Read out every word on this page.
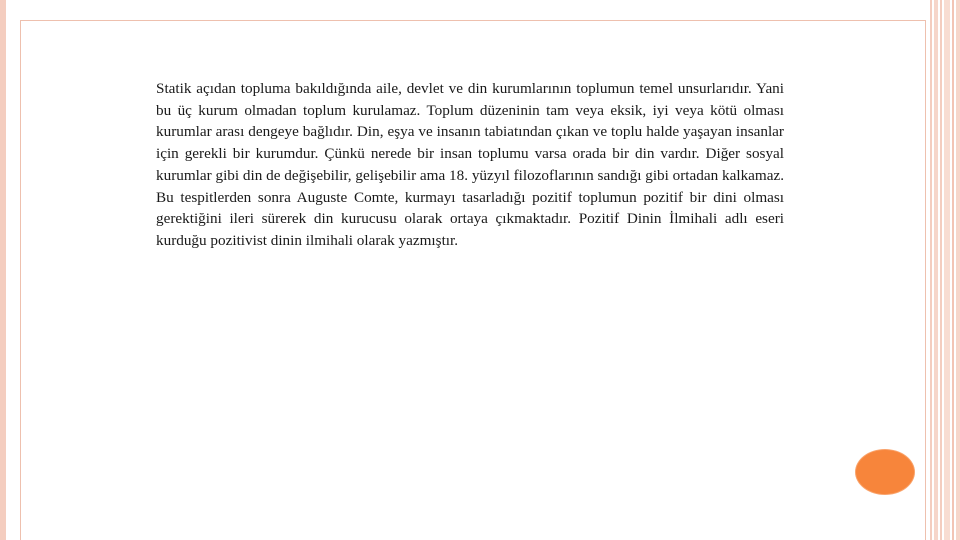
Statik açıdan topluma bakıldığında aile, devlet ve din kurumlarının toplumun temel unsurlarıdır. Yani bu üç kurum olmadan toplum kurulamaz. Toplum düzeninin tam veya eksik, iyi veya kötü olması kurumlar arası dengeye bağlıdır. Din, eşya ve insanın tabiatından çıkan ve toplu halde yaşayan insanlar için gerekli bir kurumdur. Çünkü nerede bir insan toplumu varsa orada bir din vardır. Diğer sosyal kurumlar gibi din de değişebilir, gelişebilir ama 18. yüzyıl filozoflarının sandığı gibi ortadan kalkamaz. Bu tespitlerden sonra Auguste Comte, kurmayı tasarladığı pozitif toplumun pozitif bir dini olması gerektiğini ileri sürerek din kurucusu olarak ortaya çıkmaktadır. Pozitif Dinin İlmihali adlı eseri kurduğu pozitivist dinin ilmihali olarak yazmıştır.
